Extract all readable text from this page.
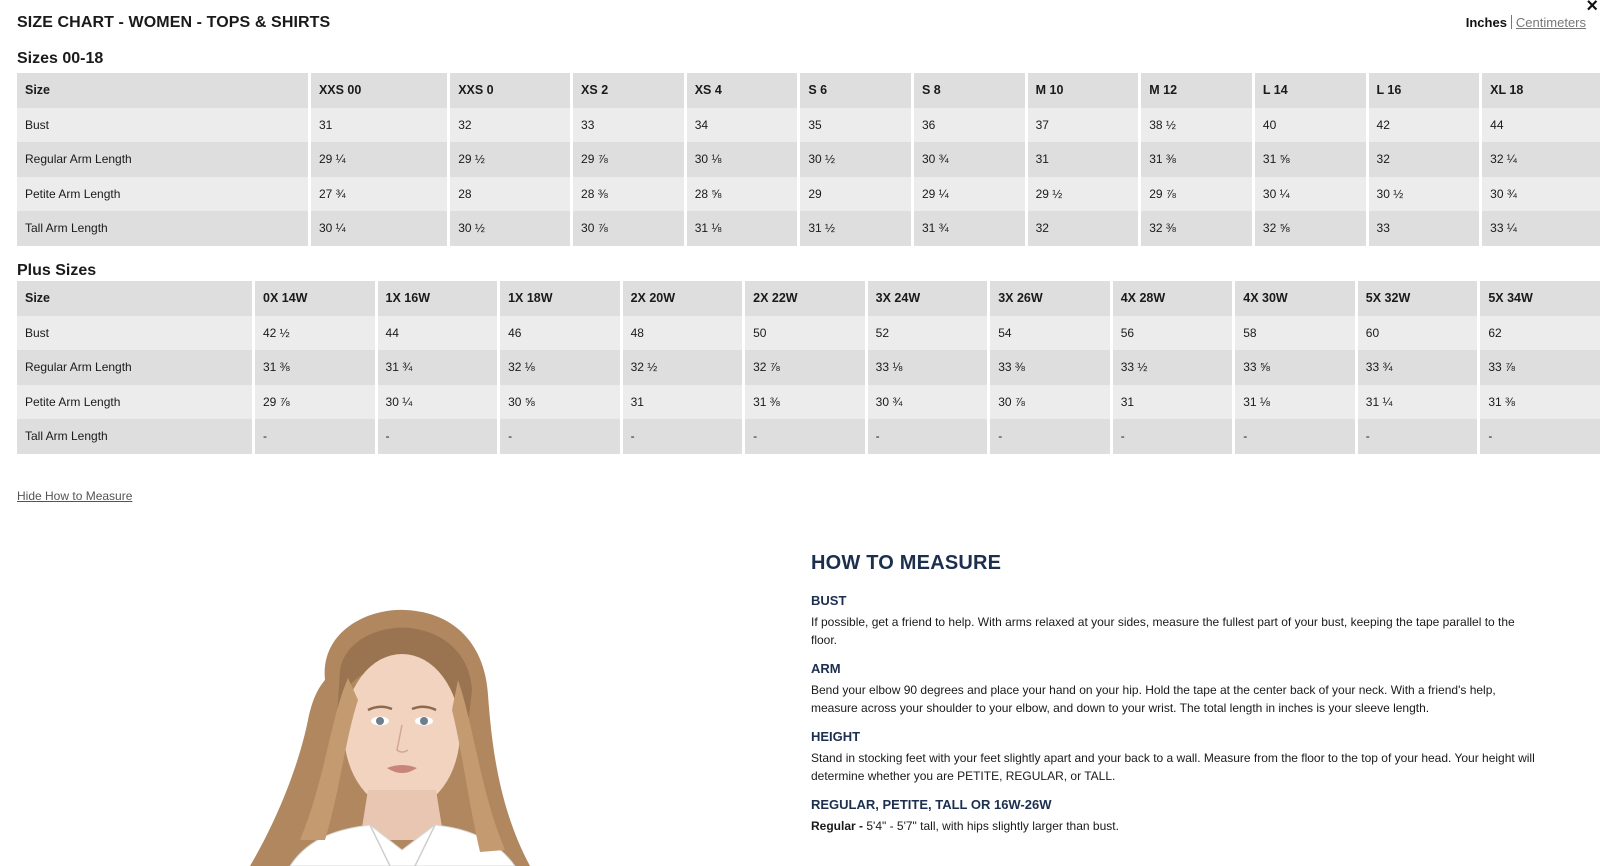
×
SIZE CHART - WOMEN - TOPS & SHIRTS	Inches Centimeters
Sizes 00-18
Size	XXS 00	XXS 0	XS 2	XS 4	S 6	S 8	M 10	M 12	L 14	L 16	XL 18
Bust	31	32	33	34	35	36	37	38 ½	40	42	44
Regular Arm Length	29 ¼	29 ½	29 ⅞	30 ⅛	30 ½	30 ¾	31	31 ⅜	31 ⅝	32	32 ¼
Petite Arm Length	27 ¾	28	28 ⅜	28 ⅝	29	29 ¼	29 ½	29 ⅞	30 ¼	30 ½	30 ¾
Tall Arm Length	30 ¼	30 ½	30 ⅞	31 ⅛	31 ½	31 ¾	32	32 ⅜	32 ⅝	33	33 ¼
Plus Sizes
Size	0X 14W	1X 16W	1X 18W	2X 20W	2X 22W	3X 24W	3X 26W	4X 28W	4X 30W	5X 32W	5X 34W
Bust	42 ½	44	46	48	50	52	54	56	58	60	62
Regular Arm Length	31 ⅜	31 ¾	32 ⅛	32 ½	32 ⅞	33 ⅛	33 ⅜	33 ½	33 ⅝	33 ¾	33 ⅞
Petite Arm Length	29 ⅞	30 ¼	30 ⅝	31	31 ⅜	30 ¾	30 ⅞	31	31 ⅛	31 ¼	31 ⅜
Tall Arm Length	-	-	-	-	-	-	-	-	-	-	-
Hide How to Measure
HOW TO MEASURE
BUST

If possible, get a friend to help. With arms relaxed at your sides, measure the fullest part of your bust, keeping the tape parallel to the floor.

ARM

Bend your elbow 90 degrees and place your hand on your hip. Hold the tape at the center back of your neck. With a friend's help, measure across your shoulder to your elbow, and down to your wrist. The total length in inches is your sleeve length.

HEIGHT

Stand in stocking feet with your feet slightly apart and your back to a wall. Measure from the floor to the top of your head. Your height will determine whether you are PETITE, REGULAR, or TALL.

REGULAR, PETITE, TALL OR 16W-26W

Regular - 5'4" - 5'7" tall, with hips slightly larger than bust.
